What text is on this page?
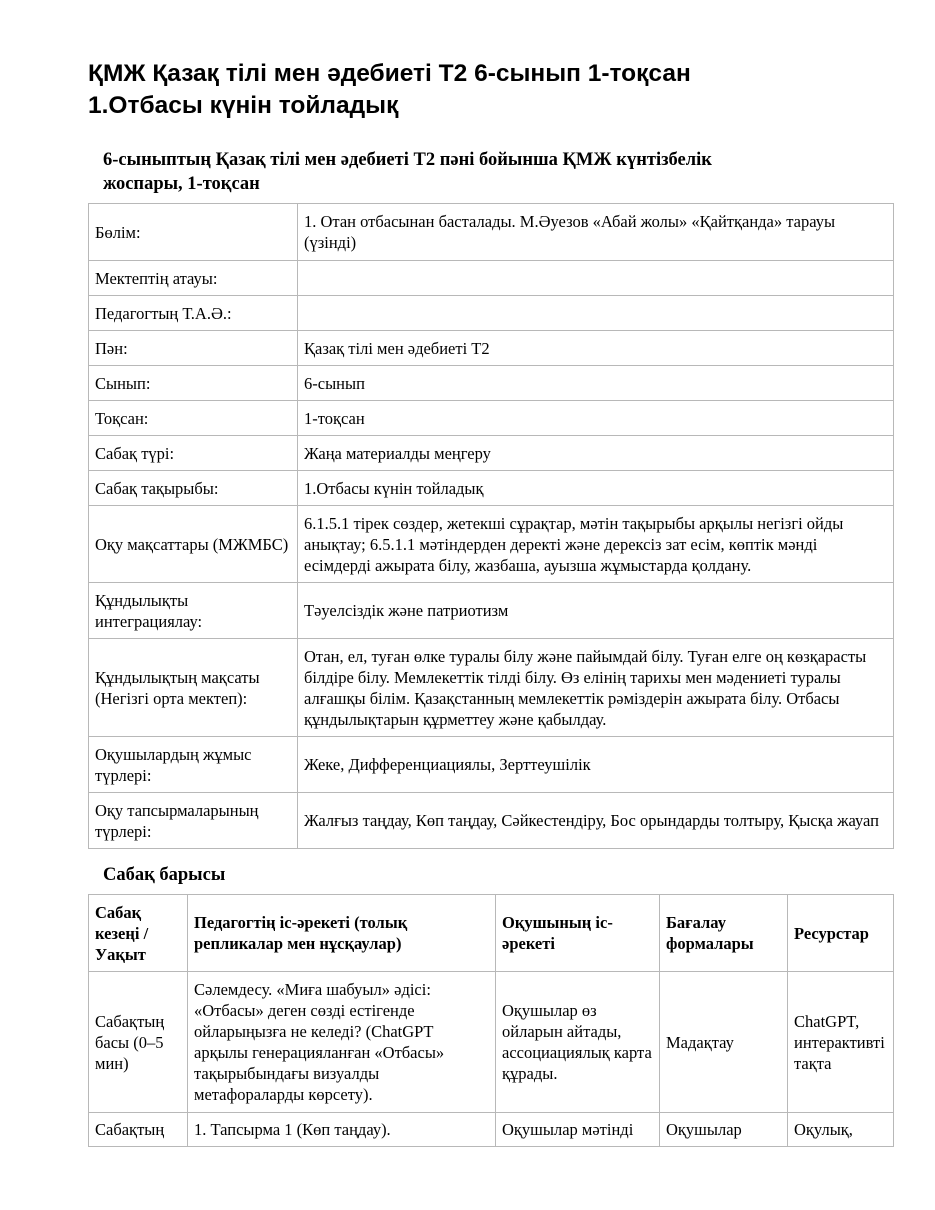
ҚМЖ Қазақ тілі мен әдебиеті Т2 6-сынып 1-тоқсан
1.Отбасы күнін тойладық
6-сыныптың Қазақ тілі мен әдебиеті Т2 пәні бойынша ҚМЖ күнтізбелік
жоспары, 1-тоқсан
Бөлім:	1. Отан отбасынан басталады. М.Әуезов «Абай жолы» «Қайтқанда» тарауы (үзінді)
Мектептің атауы:	
Педагогтың Т.А.Ә.:	
Пән:	Қазақ тілі мен әдебиеті Т2
Сынып:	6-сынып
Тоқсан:	1-тоқсан
Сабақ түрі:	Жаңа материалды меңгеру
Сабақ тақырыбы:	1.Отбасы күнін тойладық
Оқу мақсаттары (МЖМБС)	6.1.5.1 тірек сөздер, жетекші сұрақтар, мәтін тақырыбы арқылы негізгі ойды анықтау; 6.5.1.1 мәтіндерден деректі және дерексіз зат есім, көптік мәнді есімдерді ажырата білу, жазбаша, ауызша жұмыстарда қолдану.
Құндылықты интеграциялау:	Тәуелсіздік және патриотизм
Құндылықтың мақсаты (Негізгі орта мектеп):	Отан, ел, туған өлке туралы білу және пайымдай білу. Туған елге оң көзқарасты білдіре білу. Мемлекеттік тілді білу. Өз елінің тарихы мен мәдениеті туралы алғашқы білім. Қазақстанның мемлекеттік рәміздерін ажырата білу. Отбасы құндылықтарын құрметтеу және қабылдау.
Оқушылардың жұмыс түрлері:	Жеке, Дифференциациялы, Зерттеушілік
Оқу тапсырмаларының түрлері:	Жалғыз таңдау, Көп таңдау, Сәйкестендіру, Бос орындарды толтыру, Қысқа жауап
Сабақ барысы
Сабақ кезеңі / Уақыт	Педагогтің іс-әрекеті (толық репликалар мен нұсқаулар)	Оқушының іс-әрекеті	Бағалау формалары	Ресурстар
Сабақтың басы (0–5 мин)	Сәлемдесу. «Миға шабуыл» әдісі: «Отбасы» деген сөзді естігенде ойларыңызға не келеді? (ChatGPT арқылы генерацияланған «Отбасы» тақырыбындағы визуалды метафораларды көрсету).	Оқушылар өз ойларын айтады, ассоциациялық карта құрады.	Мадақтау	ChatGPT, интерактивті тақта
Сабақтың	1. Тапсырма 1 (Көп таңдау).	Оқушылар мәтінді	Оқушылар	Оқулық,
